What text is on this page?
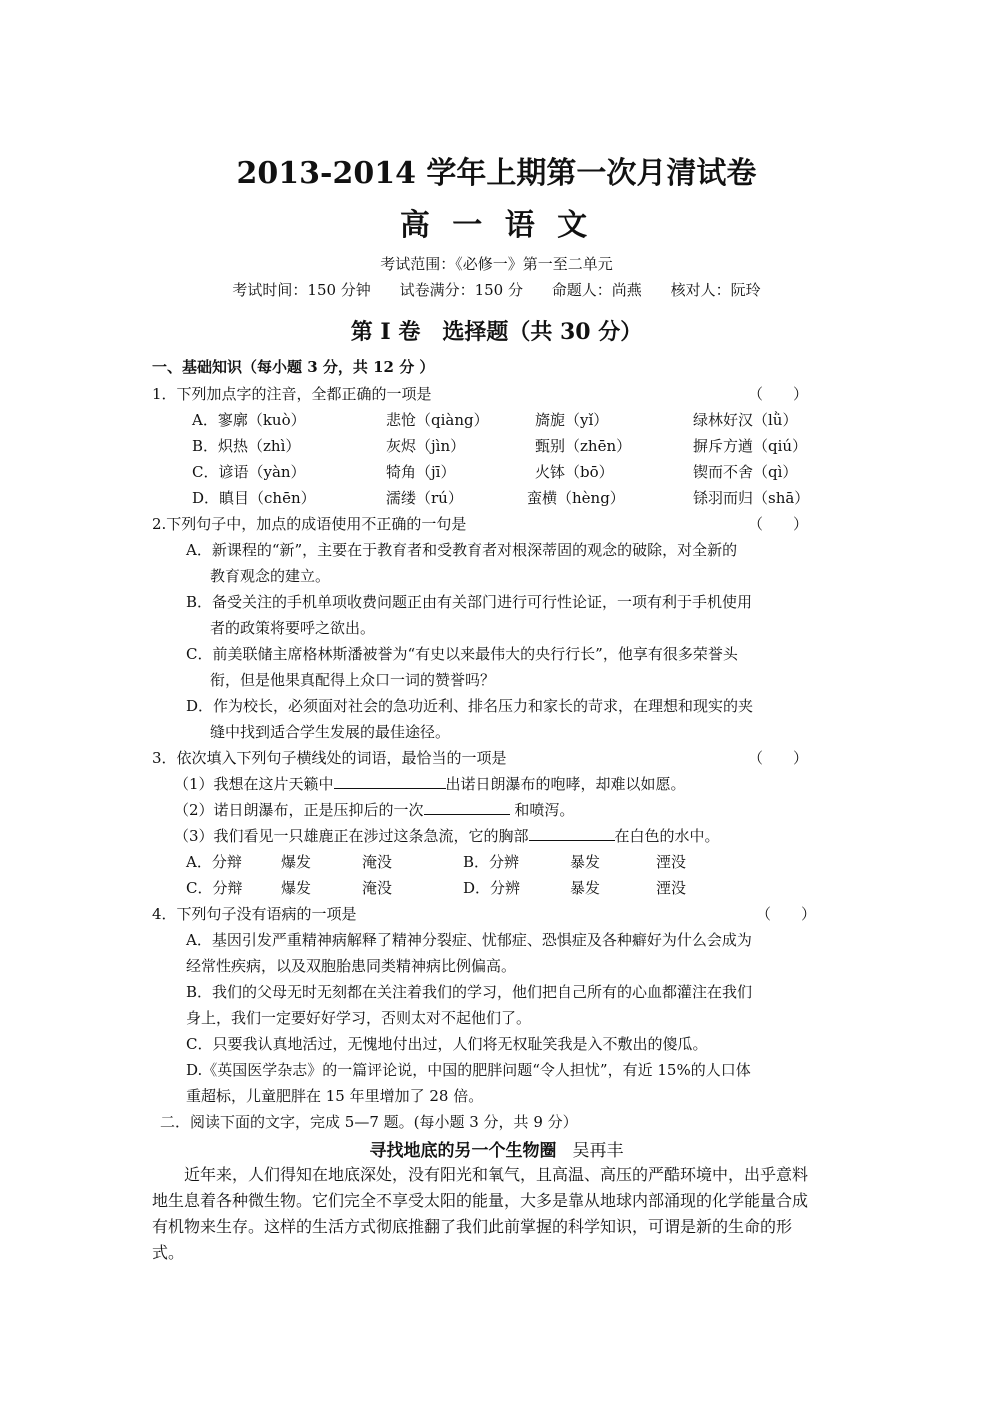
2013-2014 学年上期第一次月清试卷
高 一 语 文
考试范围：《必修一》第一至二单元
考试时间：150 分钟 试卷满分：150 分 命题人：尚燕 核对人：阮玲
第 I 卷　选择题（共 30 分）
一、基础知识（每小题 3 分，共 12 分 ）
1．下列加点字的注音，全都正确的一项是	（　　）
A．寥廓（kuò）	悲怆（qiàng）	旖旎（yǐ）	绿林好汉（lǜ）
B．炽热（zhì）	灰烬（jìn）	甄别（zhēn）	摒斥方遒（qiú）
C．谚语（yàn）	犄角（jī）	火钵（bō）	锲而不舍（qì）
D．瞋目（chēn）	濡缕（rú）	蛮横（hèng）	铩羽而归（shā）
2.下列句子中，加点的成语使用不正确的一句是	（　　）
A．新课程的“新”，主要在于教育者和受教育者对根深蒂固的观念的破除，对全新的
教育观念的建立。
B．备受关注的手机单项收费问题正由有关部门进行可行性论证，一项有利于手机使用
者的政策将要呼之欲出。
C．前美联储主席格林斯潘被誉为“有史以来最伟大的央行行长”，他享有很多荣誉头
衔，但是他果真配得上众口一词的赞誉吗？
D．作为校长，必须面对社会的急功近利、排名压力和家长的苛求，在理想和现实的夹
缝中找到适合学生发展的最佳途径。
3．依次填入下列句子横线处的词语，最恰当的一项是	（　　）
（1）我想在这片天籁中	出诺日朗瀑布的咆哮，却难以如愿。
（2）诺日朗瀑布，正是压抑后的一次	和喷泻。
（3）我们看见一只雄鹿正在涉过这条急流，它的胸部	在白色的水中。
A．分辩	爆发	淹没	B．分辨	暴发	湮没
C．分辩	爆发	淹没	D．分辨	暴发	湮没
4．下列句子没有语病的一项是	（　　）
A．基因引发严重精神病解释了精神分裂症、忧郁症、恐惧症及各种癖好为什么会成为
经常性疾病，以及双胞胎患同类精神病比例偏高。
B．我们的父母无时无刻都在关注着我们的学习，他们把自己所有的心血都灌注在我们
身上，我们一定要好好学习，否则太对不起他们了。
C．只要我认真地活过，无愧地付出过，人们将无权耻笑我是入不敷出的傻瓜。
D.《英国医学杂志》的一篇评论说，中国的肥胖问题“令人担忧”，有近 15%的人口体
重超标，儿童肥胖在 15 年里增加了 28 倍。
二．阅读下面的文字，完成 5—7 题。(每小题 3 分，共 9 分）
寻找地底的另一个生物圈 吴再丰
近年来，人们得知在地底深处，没有阳光和氧气，且高温、高压的严酷环境中，出乎意料地生息着各种微生物。它们完全不享受太阳的能量，大多是靠从地球内部涌现的化学能量合成有机物来生存。这样的生活方式彻底推翻了我们此前掌握的科学知识，可谓是新的生命的形式。
